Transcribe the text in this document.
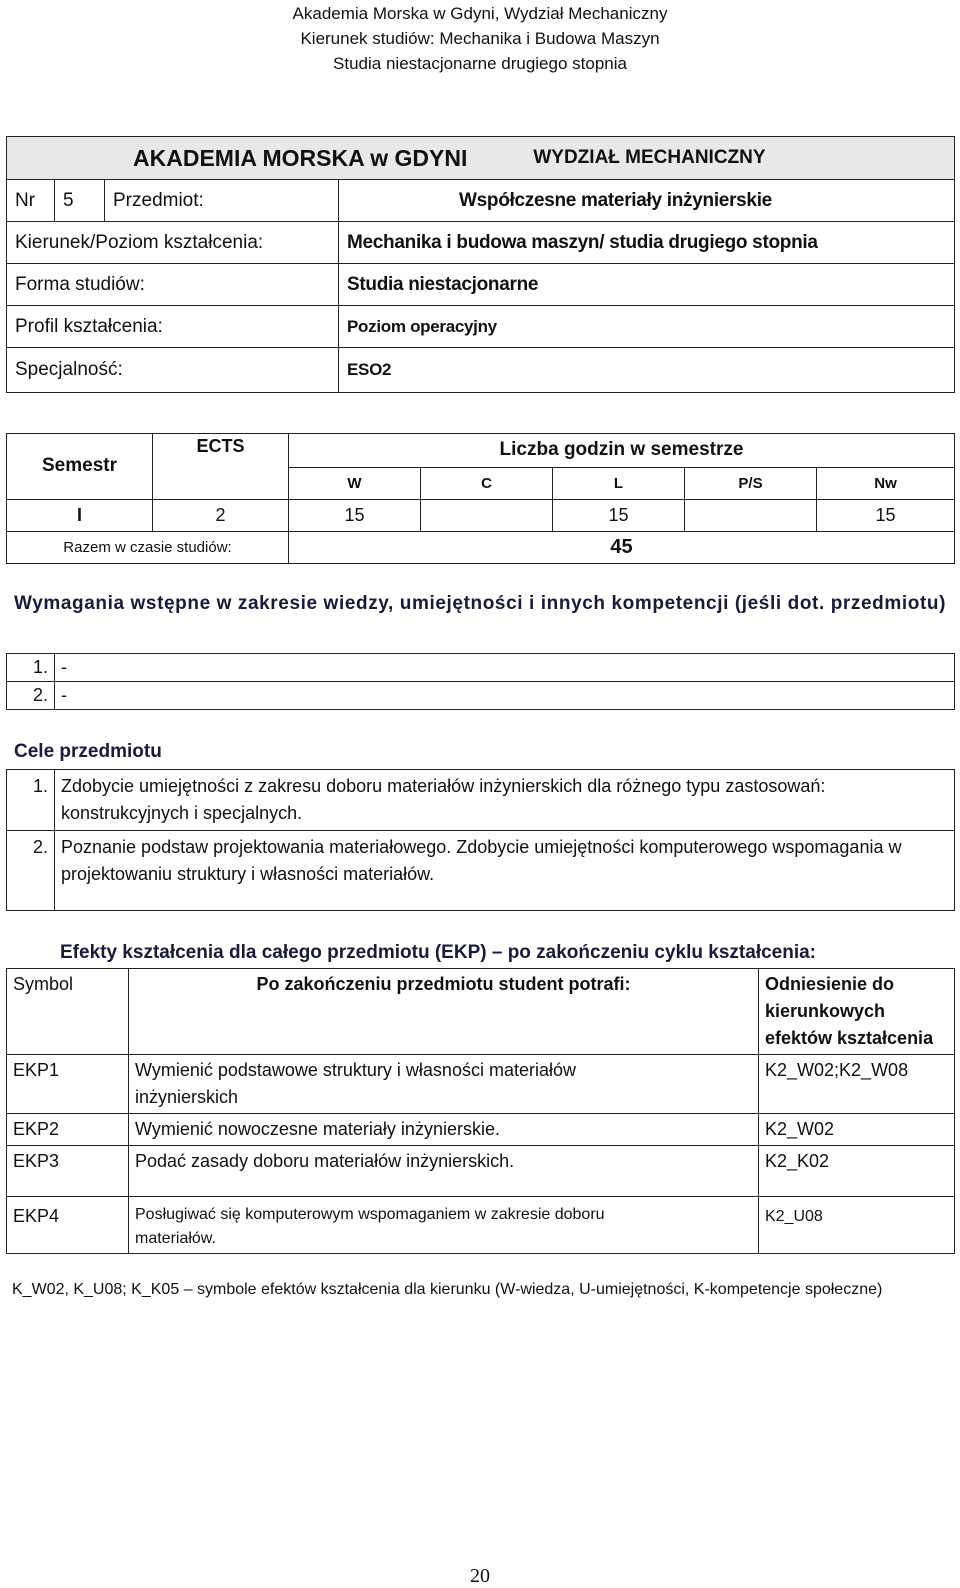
Akademia Morska w Gdyni, Wydział Mechaniczny
Kierunek studiów: Mechanika i Budowa Maszyn
Studia niestacjonarne drugiego stopnia
AKADEMIA MORSKA w GDYNI WYDZIAŁ MECHANICZNY			

Nr	5	Przedmiot:	Współczesne materiały inżynierskie
Kierunek/Poziom kształcenia:			Mechanika i budowa maszyn/ studia drugiego stopnia
Forma studiów:			Studia niestacjonarne
Profil kształcenia:			Poziom operacyjny
Specjalność:			ESO2
Semestr	ECTS	Liczba godzin w semestrze				
		W	C	L	P/S	Nw
I	2	15		15		15
Razem w czasie studiów:		45				
Wymagania wstępne w zakresie wiedzy, umiejętności i innych kompetencji (jeśli dot. przedmiotu)
1.	-
2.	-
Cele przedmiotu
1.	Zdobycie umiejętności z zakresu doboru materiałów inżynierskich dla różnego typu zastosowań: konstrukcyjnych i specjalnych.
2.	Poznanie podstaw projektowania materiałowego. Zdobycie umiejętności komputerowego wspomagania w projektowaniu struktury i własności materiałów.
Efekty kształcenia dla całego przedmiotu (EKP) – po zakończeniu cyklu kształcenia:
Symbol	Po zakończeniu przedmiotu student potrafi:	Odniesienie do kierunkowych efektów kształcenia
EKP1	Wymienić podstawowe struktury i własności materiałów inżynierskich	K2_W02;K2_W08
EKP2	Wymienić nowoczesne materiały inżynierskie.	K2_W02
EKP3	Podać zasady doboru materiałów inżynierskich.	K2_K02
EKP4	Posługiwać się komputerowym wspomaganiem w zakresie doboru materiałów.	K2_U08
K_W02, K_U08; K_K05 – symbole efektów kształcenia dla kierunku (W-wiedza, U-umiejętności, K-kompetencje społeczne)
20
